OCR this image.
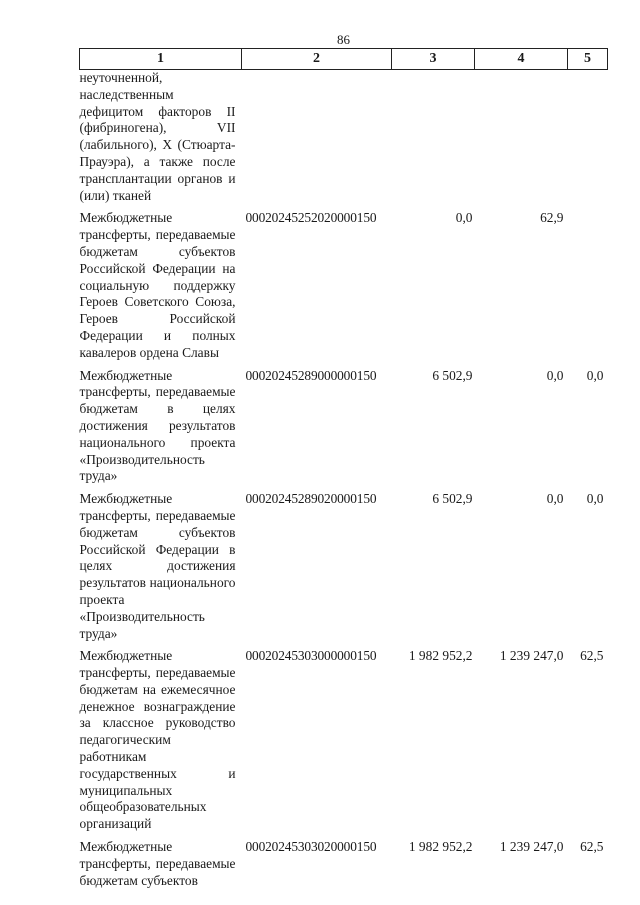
86
1	2	3	4	5
неуточненной, наследственным дефицитом факторов II (фибриногена), VII (лабильного), X (Стюарта-Прауэра), а также после трансплантации органов и (или) тканей				
Межбюджетные трансферты, передаваемые бюджетам субъектов Российской Федерации на социальную поддержку Героев Советского Союза, Героев Российской Федерации и полных кавалеров ордена Славы	00020245252020000150	0,0	62,9	
Межбюджетные трансферты, передаваемые бюджетам в целях достижения результатов национального проекта «Производительность труда»	00020245289000000150	6 502,9	0,0	0,0
Межбюджетные трансферты, передаваемые бюджетам субъектов Российской Федерации в целях достижения результатов национального проекта «Производительность труда»	00020245289020000150	6 502,9	0,0	0,0
Межбюджетные трансферты, передаваемые бюджетам на ежемесячное денежное вознаграждение за классное руководство педагогическим работникам государственных и муниципальных общеобразовательных организаций	00020245303000000150	1 982 952,2	1 239 247,0	62,5
Межбюджетные трансферты, передаваемые бюджетам субъектов	00020245303020000150	1 982 952,2	1 239 247,0	62,5
